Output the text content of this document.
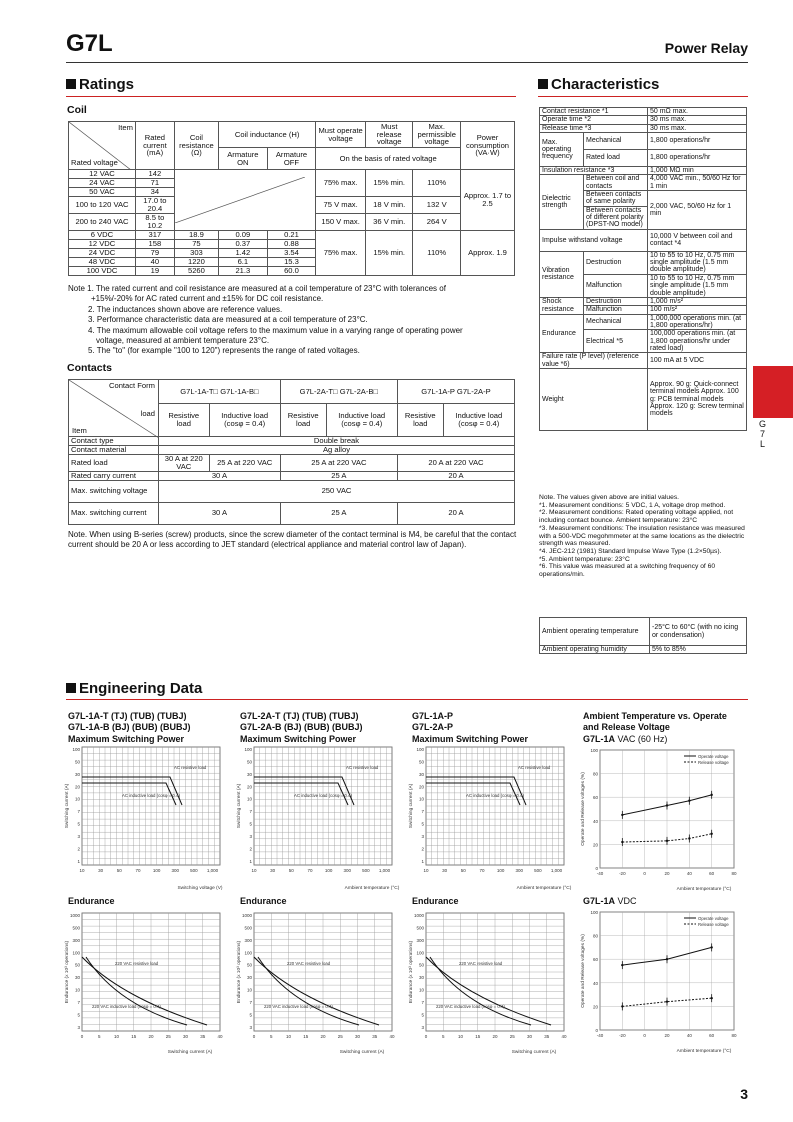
G7L	Power Relay
Ratings
Coil
Item
Rated voltage	Rated current (mA)	Coil resistance (Ω)	Coil inductance (H)		Must operate voltage	Must release voltage	Max. permissible voltage	Power consumption (VA·W)
			Armature ON	Armature OFF	On the basis of rated voltage			
12 VAC	142				75% max.	15% min.	110%	Approx. 1.7 to 2.5
24 VAC	71							
50 VAC	34							
100 to 120 VAC	17.0 to 20.4				75 V max.	18 V min.	132 V	
200 to 240 VAC	8.5 to 10.2				150 V max.	36 V min.	264 V	
6 VDC	317	18.9	0.09	0.21	75% max.	15% min.	110%	Approx. 1.9
12 VDC	158	75	0.37	0.88				
24 VDC	79	303	1.42	3.54				
48 VDC	40	1220	6.1	15.3				
100 VDC	19	5260	21.3	60.0				
Note 1. The rated current and coil resistance are measured at a coil temperature of 23°C with tolerances of
+15%/-20% for AC rated current and ±15% for DC coil resistance.
2. The inductances shown above are reference values.
3. Performance characteristic data are measured at a coil temperature of 23°C.
4. The maximum allowable coil voltage refers to the maximum value in a varying range of operating power
voltage, measured at ambient temperature 23°C.
5. The "to" (for example "100 to 120") represents the range of rated voltages.
Contacts
Contact Form
load
Item	G7L-1A-T□ G7L-1A-B□		G7L-2A-T□ G7L-2A-B□		G7L-1A-P G7L-2A-P	
	Resistive load	Inductive load (cosφ = 0.4)	Resistive load	Inductive load (cosφ = 0.4)	Resistive load	Inductive load (cosφ = 0.4)
Contact type	Double break					
Contact material	Ag alloy					
Rated load	30 A at 220 VAC	25 A at 220 VAC	25 A at 220 VAC		20 A at 220 VAC	
Rated carry current	30 A		25 A		20 A	
Max. switching voltage	250 VAC					
Max. switching current	30 A		25 A		20 A	
Note. When using B-series (screw) products, since the screw diameter of the contact terminal is M4, be careful that the contact current should be 20 A or less according to JET standard (electrical appliance and material control law of Japan).
Characteristics
Contact resistance *1		50 mΩ max.
Operate time *2		30 ms max.
Release time *3		30 ms max.
Max. operating frequency	Mechanical	1,800 operations/hr
	Rated load	1,800 operations/hr
Insulation resistance *3		1,000 MΩ min
Dielectric strength	Between coil and contacts	4,000 VAC min., 50/60 Hz for 1 min
	Between contacts of same polarity	2,000 VAC, 50/60 Hz for 1 min
	Between contacts of different polarity (DPST-NO model)	
Impulse withstand voltage		10,000 V between coil and contact *4
Vibration resistance	Destruction	10 to 55 to 10 Hz, 0.75 mm single amplitude (1.5 mm double amplitude)
	Malfunction	10 to 55 to 10 Hz, 0.75 mm single amplitude (1.5 mm double amplitude)
Shock resistance	Destruction	1,000 m/s²
	Malfunction	100 m/s²
Endurance	Mechanical	1,000,000 operations min. (at 1,800 operations/hr)
	Electrical *5	100,000 operations min. (at 1,800 operations/hr under rated load)
Failure rate (P level) (reference value *6)		100 mA at 5 VDC
Weight		Approx. 90 g: Quick-connect terminal models Approx. 100 g: PCB terminal models Approx. 120 g: Screw terminal models
Note. The values given above are initial values.
*1. Measurement conditions: 5 VDC, 1 A, voltage drop method.
*2. Measurement conditions: Rated operating voltage applied, not including contact bounce. Ambient temperature: 23°C
*3. Measurement conditions: The insulation resistance was measured with a 500-VDC megohmmeter at the same locations as the dielectric strength was measured.
*4. JEC-212 (1981) Standard Impulse Wave Type (1.2×50µs).
*5. Ambient temperature: 23°C
*6. This value was measured at a switching frequency of 60 operations/min.
Ambient operating temperature	-25°C to 60°C (with no icing or condensation)
Ambient operating humidity	5% to 85%
G
7
L
Engineering Data
G7L-1A-T (TJ) (TUB) (TUBJ)
G7L-1A-B (BJ) (BUB) (BUBJ)
Maximum Switching Power
G7L-2A-T (TJ) (TUB) (TUBJ)
G7L-2A-B (BJ) (BUB) (BUBJ)
Maximum Switching Power
G7L-1A-P
G7L-2A-P
Maximum Switching Power
Ambient Temperature vs. Operate
and Release Voltage
G7L-1A VAC (60 Hz)
Endurance	Endurance	Endurance	G7L-1A VDC
100
50
30
20
10
7
5
3
2
1
10	30	50	70	100 300 500 1,000
Switching voltage (V)
Switching current (A)
AC resistive load
AC inductive load (cosφ = 0.4)
100
50
30
20
10
7
5
3
2
1
10	30	50	70	100 300 500 1,000
Ambient temperature (°C)
Switching current (A)
AC resistive load
AC inductive load (cosφ = 0.4)
100
50
30
20
10
7
5
3
2
1
10	30	50	70	100 300 500 1,000
Ambient temperature (°C)
Switching current (A)
AC resistive load
AC inductive load (cosφ = 0.4)
1000
500
300
100
50
30
10
7
5
3
0	5	10	15	20	25	30	35	40
Switching current (A)
Endurance (x 10³ operations)	220 VAC resistive load
220 VAC inductive load (cosφ = 0.4)
1000
500
300
100
50
30
10
7
5
3
0	5	10	15	20	25	30	35	40
Switching current (A)
Endurance (x 10³ operations)	220 VAC resistive load
220 VAC inductive load (cosφ = 0.4)
1000
500
300
100
50
30
10
7
5
3
0	5	10	15	20	25	30	35	40
Switching current (A)
Endurance (x 10³ operations)	220 VAC resistive load
220 VAC inductive load (cosφ = 0.4)
-40	-20	0	20	40	60	80
100
80
60
40
20
0
Ambient temperature (°C)
Operate and Release voltages (%)
Operate voltage
Release voltage
-40	-20	0	20	40	60	80
100
80
60
40
20
0
Ambient temperature (°C)
Operate and Release voltages (%)
Operate voltage
Release voltage
3
